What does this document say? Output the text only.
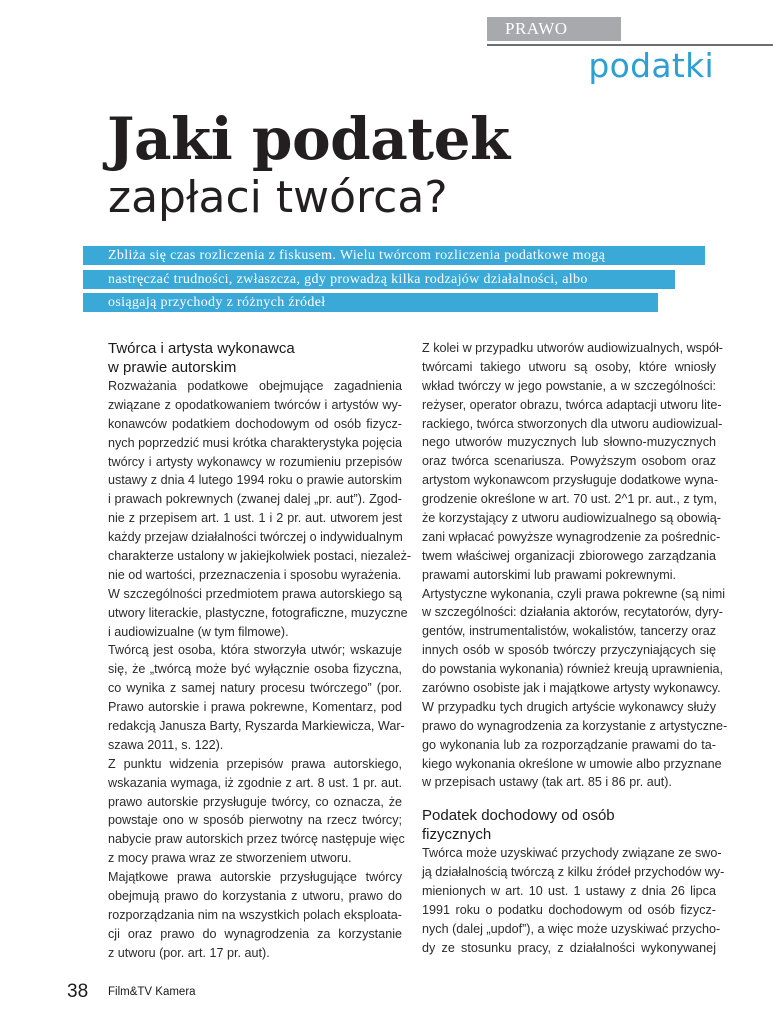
PRAWO
podatki
Jaki podatek
zapłaci twórca?
Zbliża się czas rozliczenia z fiskusem. Wielu twórcom rozliczenia podatkowe mogą
nastręczać trudności, zwłaszcza, gdy prowadzą kilka rodzajów działalności, albo
osiągają przychody z różnych źródeł
Twórca i artysta wykonawca
w prawie autorskim
Rozważania podatkowe obejmujące zagadnienia
związane z opodatkowaniem twórców i artystów wy-
konawców podatkiem dochodowym od osób fizycz-
nych poprzedzić musi krótka charakterystyka pojęcia
twórcy i artysty wykonawcy w rozumieniu przepisów
ustawy z dnia 4 lutego 1994 roku o prawie autorskim
i prawach pokrewnych (zwanej dalej „pr. aut”). Zgod-
nie z przepisem art. 1 ust. 1 i 2 pr. aut. utworem jest
każdy przejaw działalności twórczej o indywidualnym
charakterze ustalony w jakiejkolwiek postaci, niezależ-
nie od wartości, przeznaczenia i sposobu wyrażenia.
W szczególności przedmiotem prawa autorskiego są
utwory literackie, plastyczne, fotograficzne, muzyczne
i audiowizualne (w tym filmowe).
Twórcą jest osoba, która stworzyła utwór; wskazuje
się, że „twórcą może być wyłącznie osoba fizyczna,
co wynika z samej natury procesu twórczego” (por.
Prawo autorskie i prawa pokrewne, Komentarz, pod
redakcją Janusza Barty, Ryszarda Markiewicza, War-
szawa 2011, s. 122).
Z punktu widzenia przepisów prawa autorskiego,
wskazania wymaga, iż zgodnie z art. 8 ust. 1 pr. aut.
prawo autorskie przysługuje twórcy, co oznacza, że
powstaje ono w sposób pierwotny na rzecz twórcy;
nabycie praw autorskich przez twórcę następuje więc
z mocy prawa wraz ze stworzeniem utworu.
Majątkowe prawa autorskie przysługujące twórcy
obejmują prawo do korzystania z utworu, prawo do
rozporządzania nim na wszystkich polach eksploata-
cji oraz prawo do wynagrodzenia za korzystanie
z utworu (por. art. 17 pr. aut).
Z kolei w przypadku utworów audiowizualnych, współ-
twórcami takiego utworu są osoby, które wniosły
wkład twórczy w jego powstanie, a w szczególności:
reżyser, operator obrazu, twórca adaptacji utworu lite-
rackiego, twórca stworzonych dla utworu audiowizual-
nego utworów muzycznych lub słowno-muzycznych
oraz twórca scenariusza. Powyższym osobom oraz
artystom wykonawcom przysługuje dodatkowe wyna-
grodzenie określone w art. 70 ust. 2^1 pr. aut., z tym,
że korzystający z utworu audiowizualnego są obowią-
zani wpłacać powyższe wynagrodzenie za pośrednic-
twem właściwej organizacji zbiorowego zarządzania
prawami autorskimi lub prawami pokrewnymi.
Artystyczne wykonania, czyli prawa pokrewne (są nimi
w szczególności: działania aktorów, recytatorów, dyry-
gentów, instrumentalistów, wokalistów, tancerzy oraz
innych osób w sposób twórczy przyczyniających się
do powstania wykonania) również kreują uprawnienia,
zarówno osobiste jak i majątkowe artysty wykonawcy.
W przypadku tych drugich artyście wykonawcy służy
prawo do wynagrodzenia za korzystanie z artystyczne-
go wykonania lub za rozporządzanie prawami do ta-
kiego wykonania określone w umowie albo przyznane
w przepisach ustawy (tak art. 85 i 86 pr. aut).
Podatek dochodowy od osób
fizycznych
Twórca może uzyskiwać przychody związane ze swo-
ją działalnością twórczą z kilku źródeł przychodów wy-
mienionych w art. 10 ust. 1 ustawy z dnia 26 lipca
1991 roku o podatku dochodowym od osób fizycz-
nych (dalej „updof”), a więc może uzyskiwać przycho-
dy ze stosunku pracy, z działalności wykonywanej
38 Film&TV Kamera
